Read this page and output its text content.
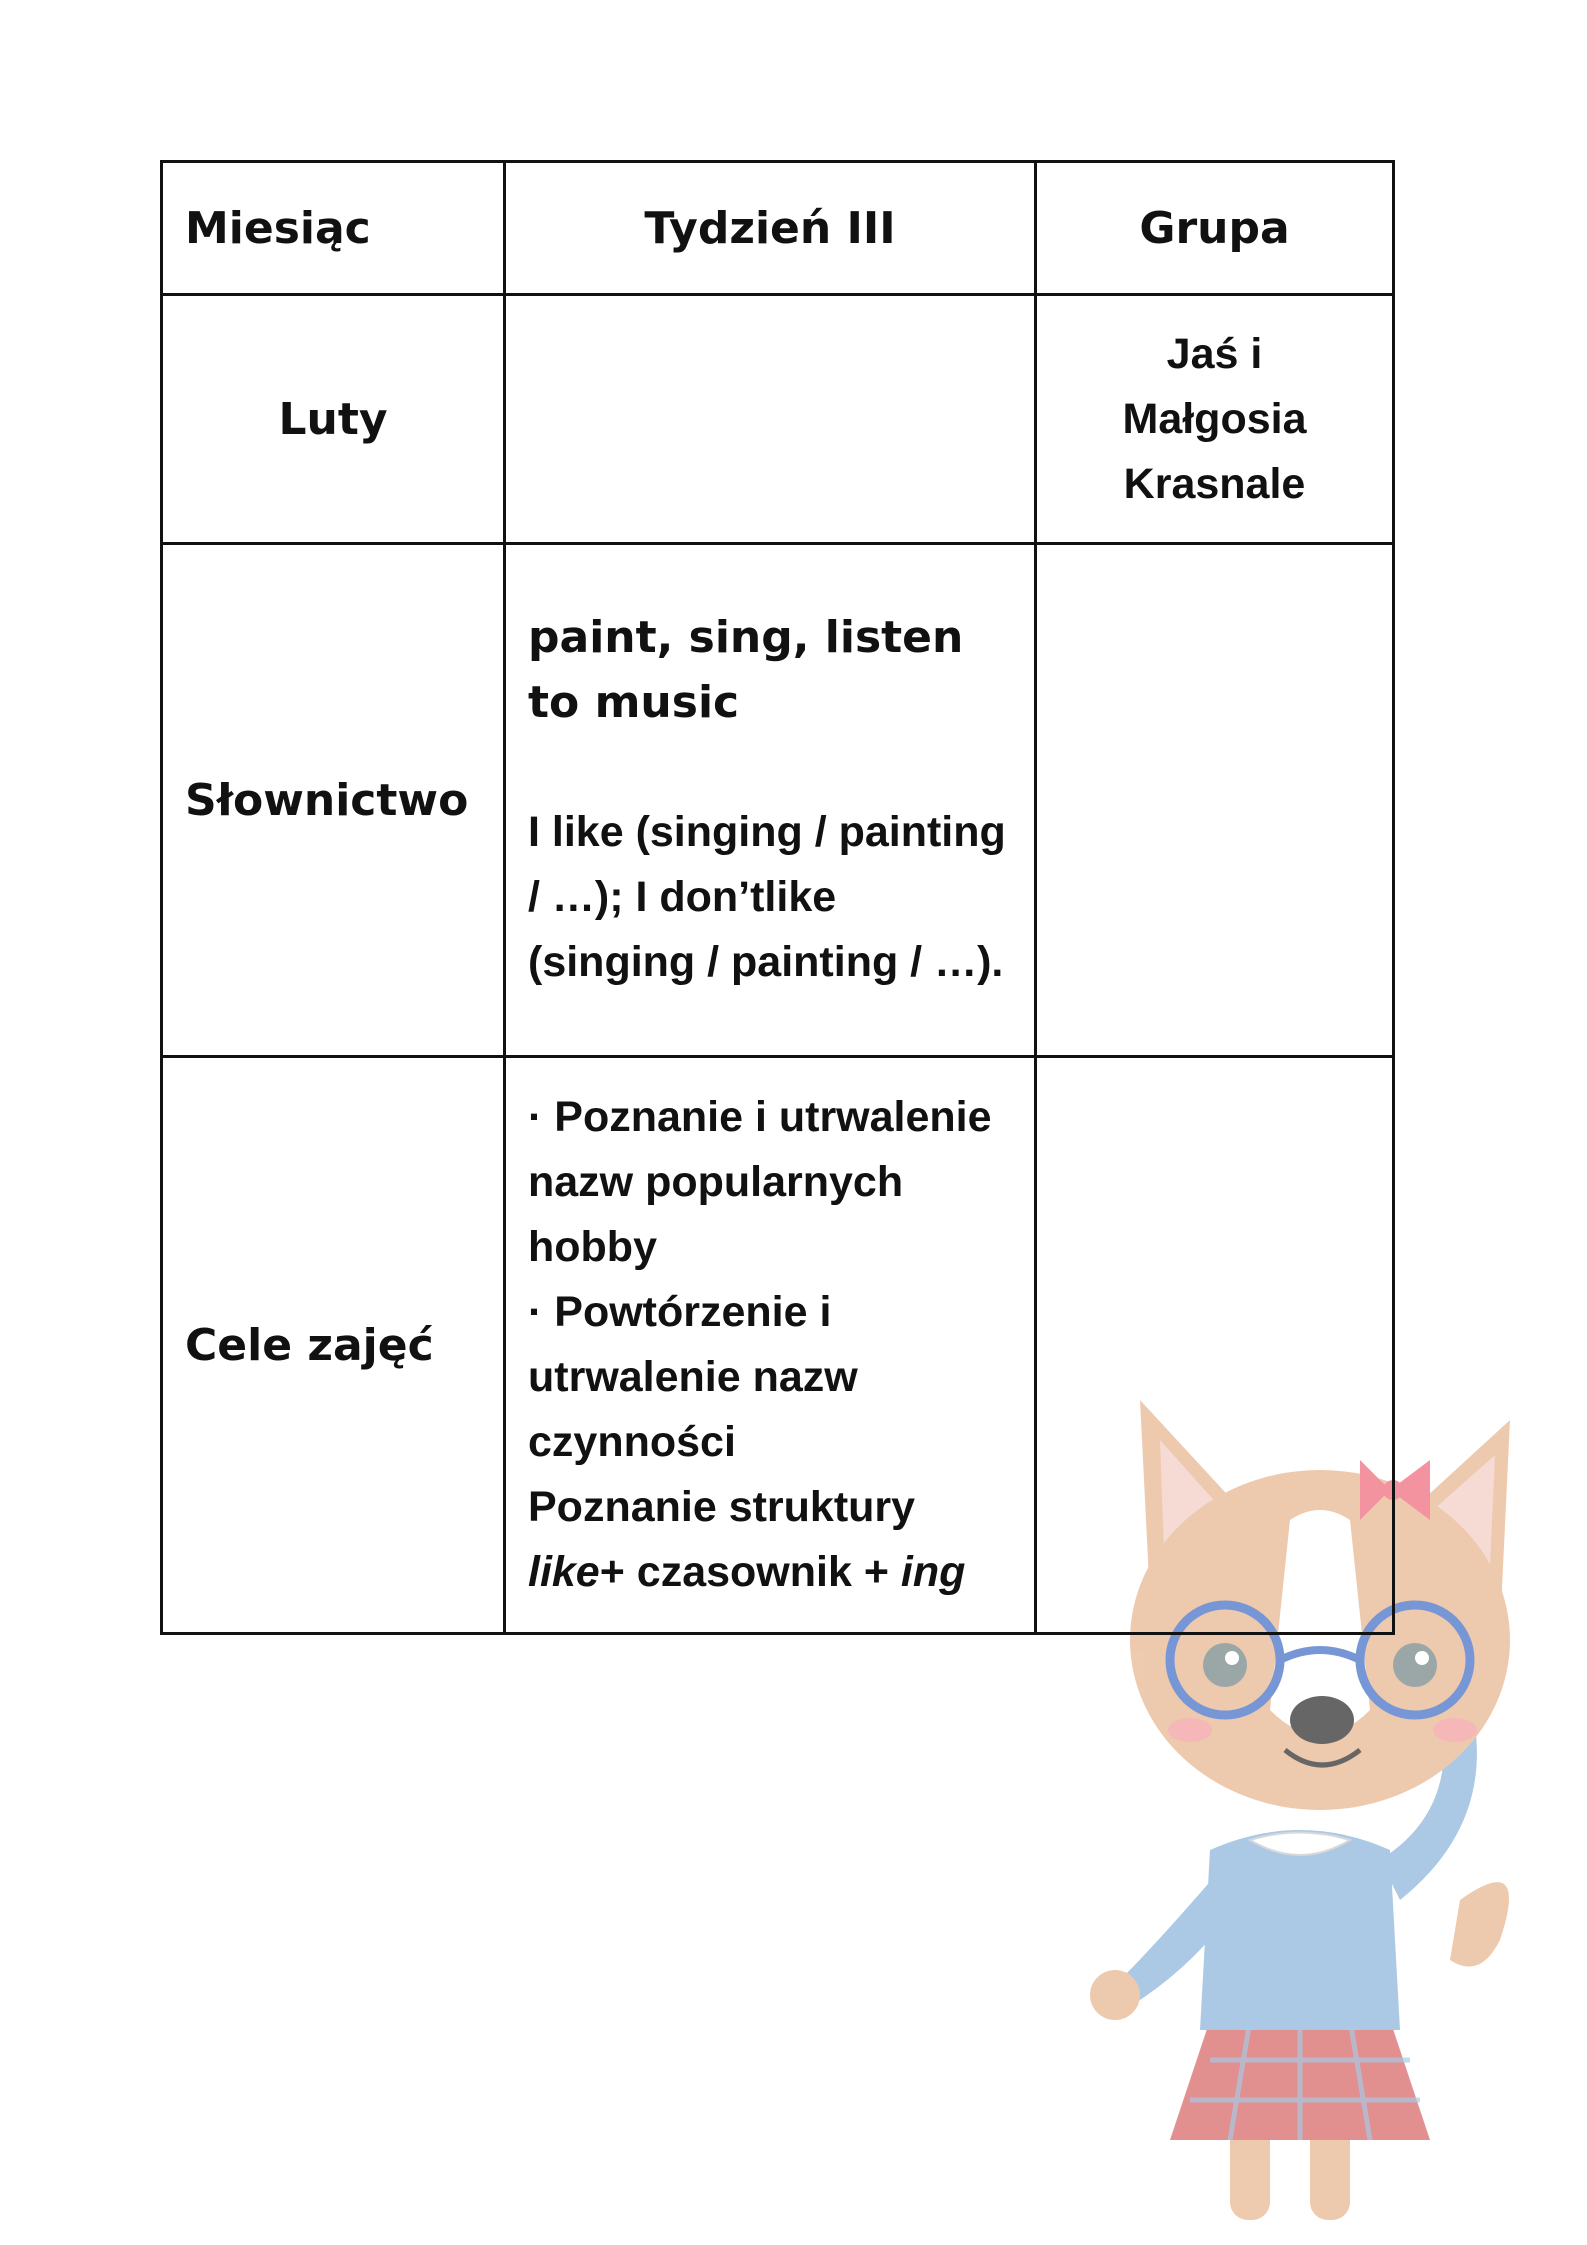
Miesiąc	Tydzień III	Grupa
Luty		Jaś i
Małgosia
Krasnale

Słownictwo	paint, sing, listen to music
I like (singing / painting / …); I don’tlike (singing / painting / …).	

Cele zajęć	· Poznanie i utrwalenie nazw popularnych hobby
· Powtórzenie i utrwalenie nazw czynności
Poznanie struktury
like+ czasownik + ing	
